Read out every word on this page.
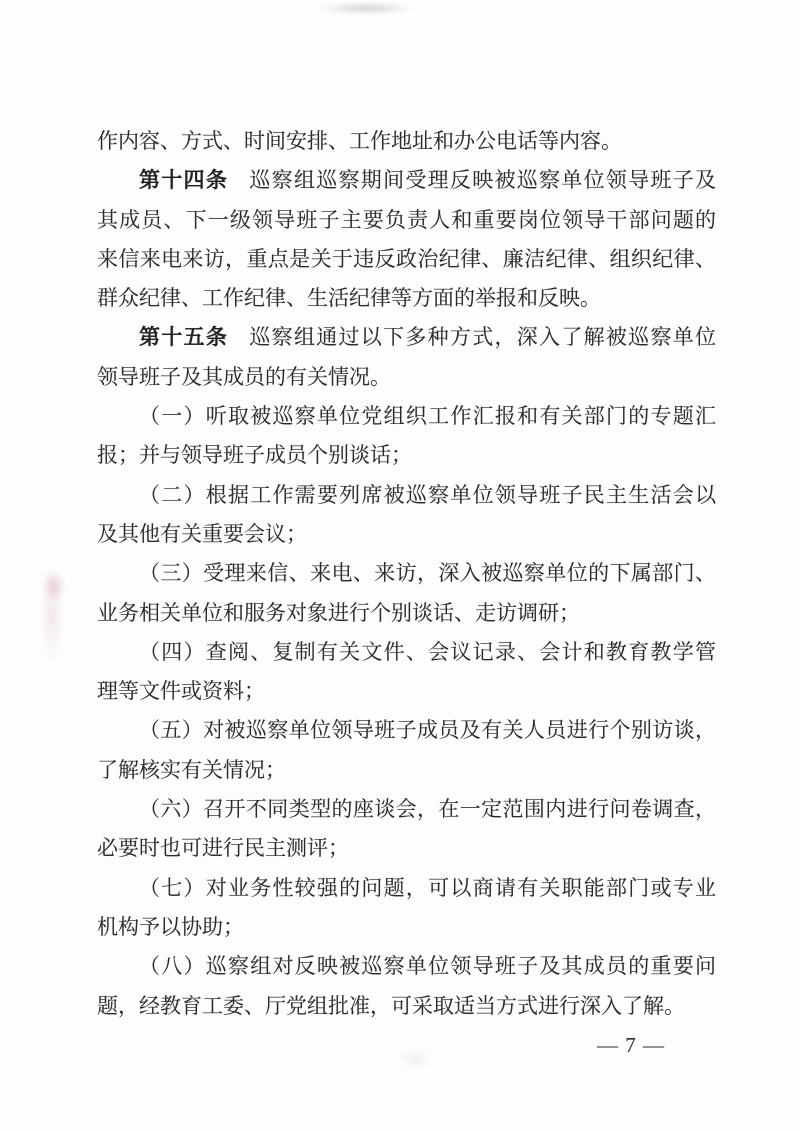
作内容、方式、时间安排、工作地址和办公电话等内容。
第十四条 巡察组巡察期间受理反映被巡察单位领导班子及
其成员、下一级领导班子主要负责人和重要岗位领导干部问题的
来信来电来访，重点是关于违反政治纪律、廉洁纪律、组织纪律、
群众纪律、工作纪律、生活纪律等方面的举报和反映。
第十五条 巡察组通过以下多种方式，深入了解被巡察单位
领导班子及其成员的有关情况。
（一）听取被巡察单位党组织工作汇报和有关部门的专题汇
报；并与领导班子成员个别谈话；
（二）根据工作需要列席被巡察单位领导班子民主生活会以
及其他有关重要会议；
（三）受理来信、来电、来访，深入被巡察单位的下属部门、
业务相关单位和服务对象进行个别谈话、走访调研；
（四）查阅、复制有关文件、会议记录、会计和教育教学管
理等文件或资料；
（五）对被巡察单位领导班子成员及有关人员进行个别访谈，
了解核实有关情况；
（六）召开不同类型的座谈会，在一定范围内进行问卷调查，
必要时也可进行民主测评；
（七）对业务性较强的问题，可以商请有关职能部门或专业
机构予以协助；
（八）巡察组对反映被巡察单位领导班子及其成员的重要问
题，经教育工委、厅党组批准，可采取适当方式进行深入了解。
— 7 —
